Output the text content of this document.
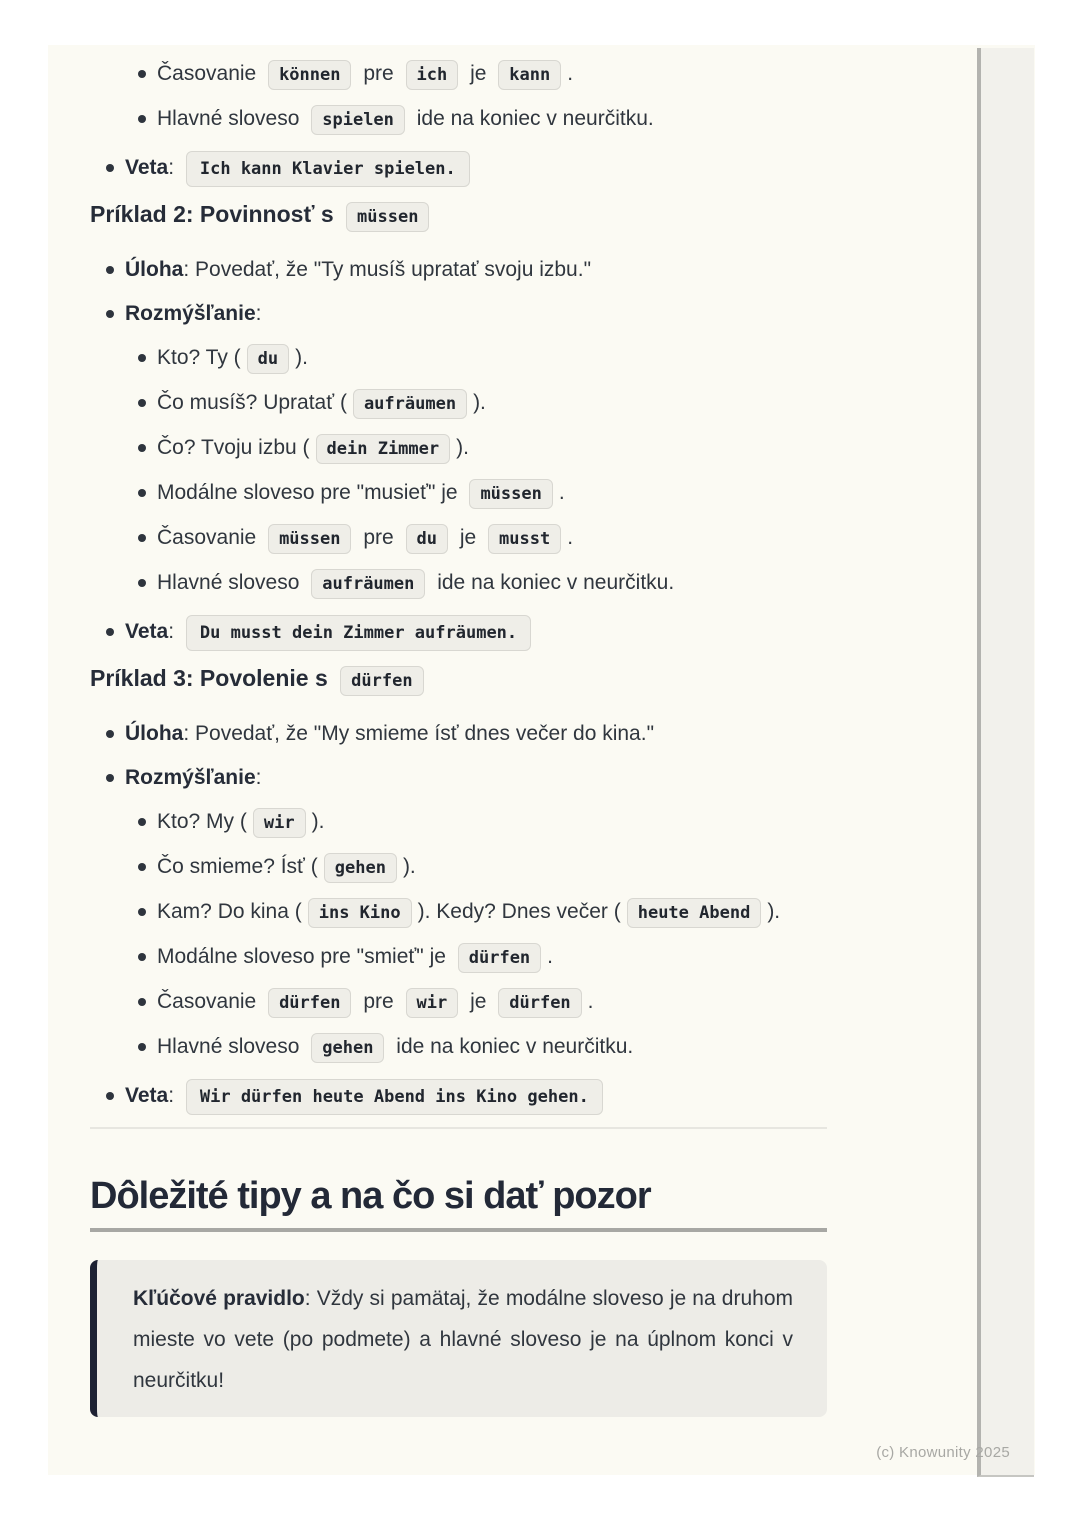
Časovanie können pre ich je kann .
Hlavné sloveso spielen ide na koniec v neurčitku.
Veta: Ich kann Klavier spielen.
Príklad 2: Povinnosť s müssen
Úloha: Povedať, že "Ty musíš upratať svoju izbu."
Rozmýšľanie:
Kto? Ty ( du ).
Čo musíš? Upratať ( aufräumen ).
Čo? Tvoju izbu ( dein Zimmer ).
Modálne sloveso pre "musieť" je müssen .
Časovanie müssen pre du je musst .
Hlavné sloveso aufräumen ide na koniec v neurčitku.
Veta: Du musst dein Zimmer aufräumen.
Príklad 3: Povolenie s dürfen
Úloha: Povedať, že "My smieme ísť dnes večer do kina."
Rozmýšľanie:
Kto? My ( wir ).
Čo smieme? Ísť ( gehen ).
Kam? Do kina ( ins Kino ). Kedy? Dnes večer ( heute Abend ).
Modálne sloveso pre "smieť" je dürfen .
Časovanie dürfen pre wir je dürfen .
Hlavné sloveso gehen ide na koniec v neurčitku.
Veta: Wir dürfen heute Abend ins Kino gehen.
Dôležité tipy a na čo si dať pozor

Kľúčové pravidlo: Vždy si pamätaj, že modálne sloveso je na druhom mieste vo vete (po podmete) a hlavné sloveso je na úplnom konci v neurčitku!

(c) Knowunity 2025
